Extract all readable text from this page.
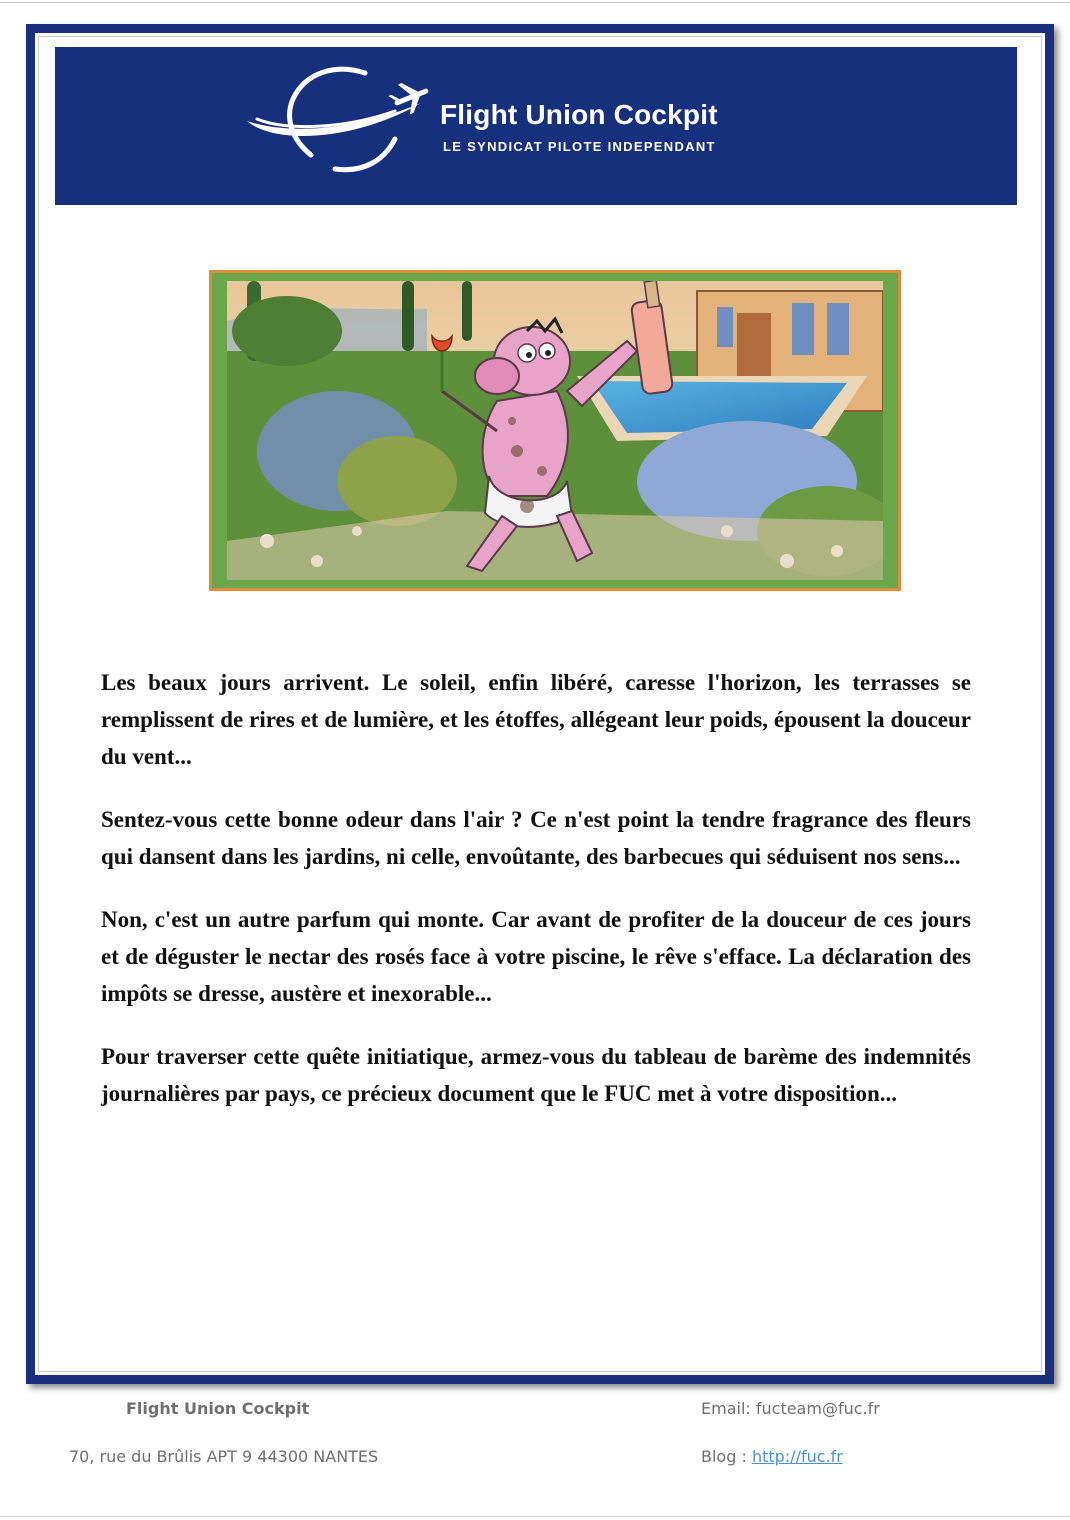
Flight Union Cockpit
LE SYNDICAT PILOTE INDEPENDANT

Les beaux jours arrivent. Le soleil, enfin libéré, caresse l'horizon, les terrasses se remplissent de rires et de lumière, et les étoffes, allégeant leur poids, épousent la douceur du vent...

Sentez-vous cette bonne odeur dans l'air ? Ce n'est point la tendre fragrance des fleurs qui dansent dans les jardins, ni celle, envoûtante, des barbecues qui séduisent nos sens...

Non, c'est un autre parfum qui monte. Car avant de profiter de la douceur de ces jours et de déguster le nectar des rosés face à votre piscine, le rêve s'efface. La déclaration des impôts se dresse, austère et inexorable...

Pour traverser cette quête initiatique, armez-vous du tableau de barème des indemnités journalières par pays, ce précieux document que le FUC met à votre disposition...

Flight Union Cockpit
70, rue du Brûlis APT 9 44300 NANTES
Email: fucteam@fuc.fr
Blog : http://fuc.fr
